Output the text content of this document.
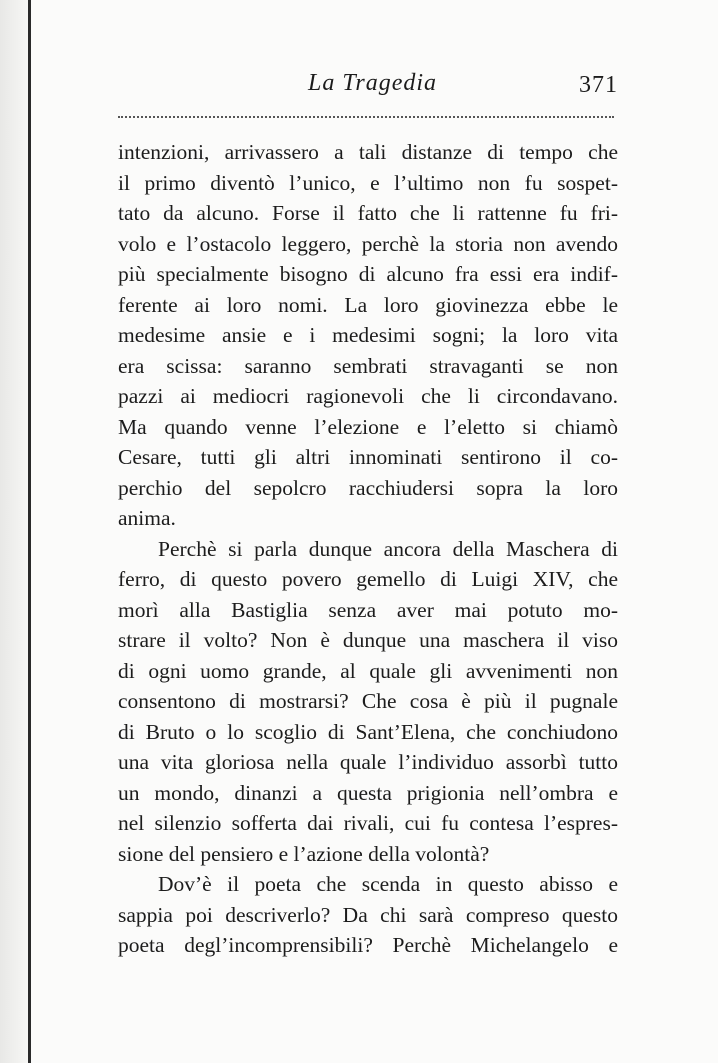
La Tragedia	371
intenzioni, arrivassero a tali distanze di tempo che
il primo diventò l’unico, e l’ultimo non fu sospet-
tato da alcuno. Forse il fatto che li rattenne fu fri-
volo e l’ostacolo leggero, perchè la storia non avendo
più specialmente bisogno di alcuno fra essi era indif-
ferente ai loro nomi. La loro giovinezza ebbe le
medesime ansie e i medesimi sogni; la loro vita
era scissa: saranno sembrati stravaganti se non
pazzi ai mediocri ragionevoli che li circondavano.
Ma quando venne l’elezione e l’eletto si chiamò
Cesare, tutti gli altri innominati sentirono il co-
perchio del sepolcro racchiudersi sopra la loro
anima.
Perchè si parla dunque ancora della Maschera di
ferro, di questo povero gemello di Luigi XIV, che
morì alla Bastiglia senza aver mai potuto mo-
strare il volto? Non è dunque una maschera il viso
di ogni uomo grande, al quale gli avvenimenti non
consentono di mostrarsi? Che cosa è più il pugnale
di Bruto o lo scoglio di Sant’Elena, che conchiudono
una vita gloriosa nella quale l’individuo assorbì tutto
un mondo, dinanzi a questa prigionia nell’ombra e
nel silenzio sofferta dai rivali, cui fu contesa l’espres-
sione del pensiero e l’azione della volontà?
Dov’è il poeta che scenda in questo abisso e
sappia poi descriverlo? Da chi sarà compreso questo
poeta degl’incomprensibili? Perchè Michelangelo e
